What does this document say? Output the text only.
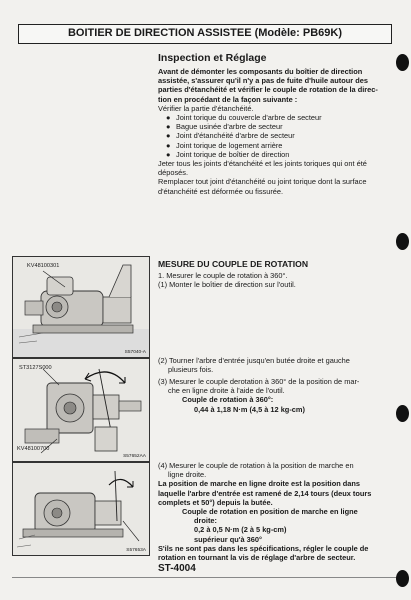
BOITIER DE DIRECTION ASSISTEE (Modèle: PB69K)
Inspection et Réglage
Avant de démonter les composants du boîtier de direction
assistée, s'assurer qu'il n'y a pas de fuite d'huile autour des
parties d'étanchéité et vérifier le couple de rotation de la direc-
tion en procédant de la façon suivante :
Vérifier la partie d'étanchéité.
● Joint torique du couvercle d'arbre de secteur
● Bague usinée d'arbre de secteur
● Joint d'étanchéité d'arbre de secteur
● Joint torique de logement arrière
● Joint torique de boîtier de direction
Jeter tous les joints d'étanchéité et les joints toriques qui ont été
déposés.
Remplacer tout joint d'étanchéité ou joint torique dont la surface
d'étanchéité est déformée ou fissurée.
MESURE DU COUPLE DE ROTATION
1. Mesurer le couple de rotation à 360°.
(1) Monter le boîtier de direction sur l'outil.
(2) Tourner l'arbre d'entrée jusqu'en butée droite et gauche
plusieurs fois.
(3) Mesurer le couple derotation à 360° de la position de mar-
che en ligne droite à l'aide de l'outil.
Couple de rotation à 360°:
0,44 à 1,18 N·m (4,5 à 12 kg-cm)
(4) Mesurer le couple de rotation à la position de marche en
ligne droite.
La position de marche en ligne droite est la position dans
laquelle l'arbre d'entrée est ramené de 2,14 tours (deux tours
complets et 50°) depuis la butée.
Couple de rotation en position de marche en ligne
droite:
0,2 à 0,5 N·m (2 à 5 kg-cm)
supérieur qu'à 360°
S'ils ne sont pas dans les spécifications, régler le couple de
rotation en tournant la vis de réglage d'arbre de secteur.
KV48100301
S57040-A
ST3127S000
KV48100700
S57652AA
S57653A
ST-4004
